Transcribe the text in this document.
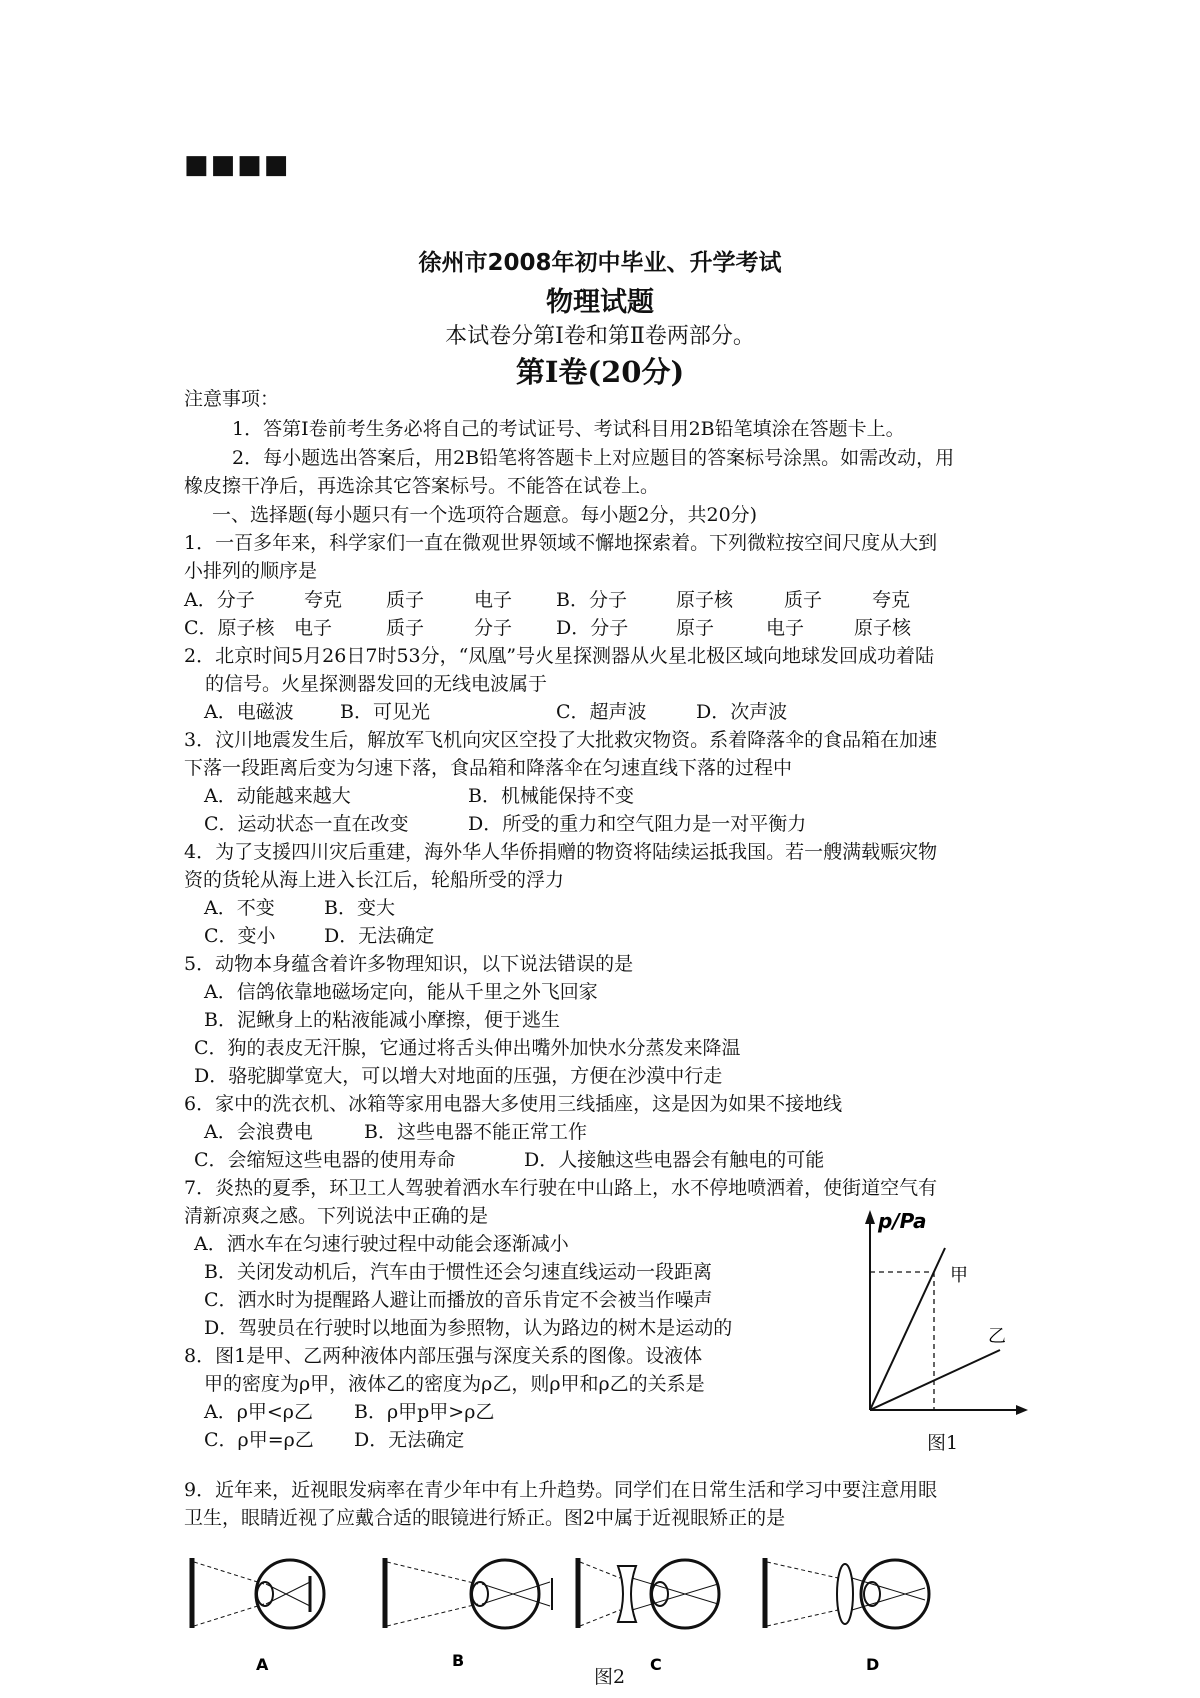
■■■■
徐州市2008年初中毕业、升学考试
物理试题
本试卷分第Ⅰ卷和第Ⅱ卷两部分。
第Ⅰ卷(20分)
注意事项：
1．答第Ⅰ卷前考生务必将自己的考试证号、考试科目用2B铅笔填涂在答题卡上。
2．每小题选出答案后，用2B铅笔将答题卡上对应题目的答案标号涂黑。如需改动，用
橡皮擦干净后，再选涂其它答案标号。不能答在试卷上。
一、选择题(每小题只有一个选项符合题意。每小题2分，共20分)
1．一百多年来，科学家们一直在微观世界领域不懈地探索着。下列微粒按空间尺度从大到
小排列的顺序是
A．分子	夸克 质子	电子 B．分子	原子核	质子	夸克
C．原子核 电子	质子	分子 D．分子	原子	电子	原子核
2．北京时间5月26日7时53分，“凤凰”号火星探测器从火星北极区域向地球发回成功着陆
的信号。火星探测器发回的无线电波属于
A．电磁波 B．可见光	C．超声波	D．次声波
3．汶川地震发生后，解放军飞机向灾区空投了大批救灾物资。系着降落伞的食品箱在加速
下落一段距离后变为匀速下落，食品箱和降落伞在匀速直线下落的过程中
A．动能越来越大	B．机械能保持不变
C．运动状态一直在改变	D．所受的重力和空气阻力是一对平衡力
4．为了支援四川灾后重建，海外华人华侨捐赠的物资将陆续运抵我国。若一艘满载赈灾物
资的货轮从海上进入长江后，轮船所受的浮力
A．不变	B．变大
C．变小	D．无法确定
5．动物本身蕴含着许多物理知识，以下说法错误的是
A．信鸽依靠地磁场定向，能从千里之外飞回家
B．泥鳅身上的粘液能减小摩擦，便于逃生
C．狗的表皮无汗腺，它通过将舌头伸出嘴外加快水分蒸发来降温
D．骆驼脚掌宽大，可以增大对地面的压强，方便在沙漠中行走
6．家中的洗衣机、冰箱等家用电器大多使用三线插座，这是因为如果不接地线
A．会浪费电	B．这些电器不能正常工作
C．会缩短这些电器的使用寿命	D．人接触这些电器会有触电的可能
7．炎热的夏季，环卫工人驾驶着洒水车行驶在中山路上，水不停地喷洒着，使街道空气有
清新凉爽之感。下列说法中正确的是
A．洒水车在匀速行驶过程中动能会逐渐减小
B．关闭发动机后，汽车由于惯性还会匀速直线运动一段距离
C．洒水时为提醒路人避让而播放的音乐肯定不会被当作噪声
D．驾驶员在行驶时以地面为参照物，认为路边的树木是运动的
8．图1是甲、乙两种液体内部压强与深度关系的图像。设液体
甲的密度为ρ甲，液体乙的密度为ρ乙，则ρ甲和ρ乙的关系是
A．ρ甲<ρ乙 B．ρ甲p甲>ρ乙
C．ρ甲=ρ乙 D．无法确定
p/Pa
甲
乙
图1
9．近年来，近视眼发病率在青少年中有上升趋势。同学们在日常生活和学习中要注意用眼
卫生，眼睛近视了应戴合适的眼镜进行矫正。图2中属于近视眼矫正的是
A	B	C	D
图2
